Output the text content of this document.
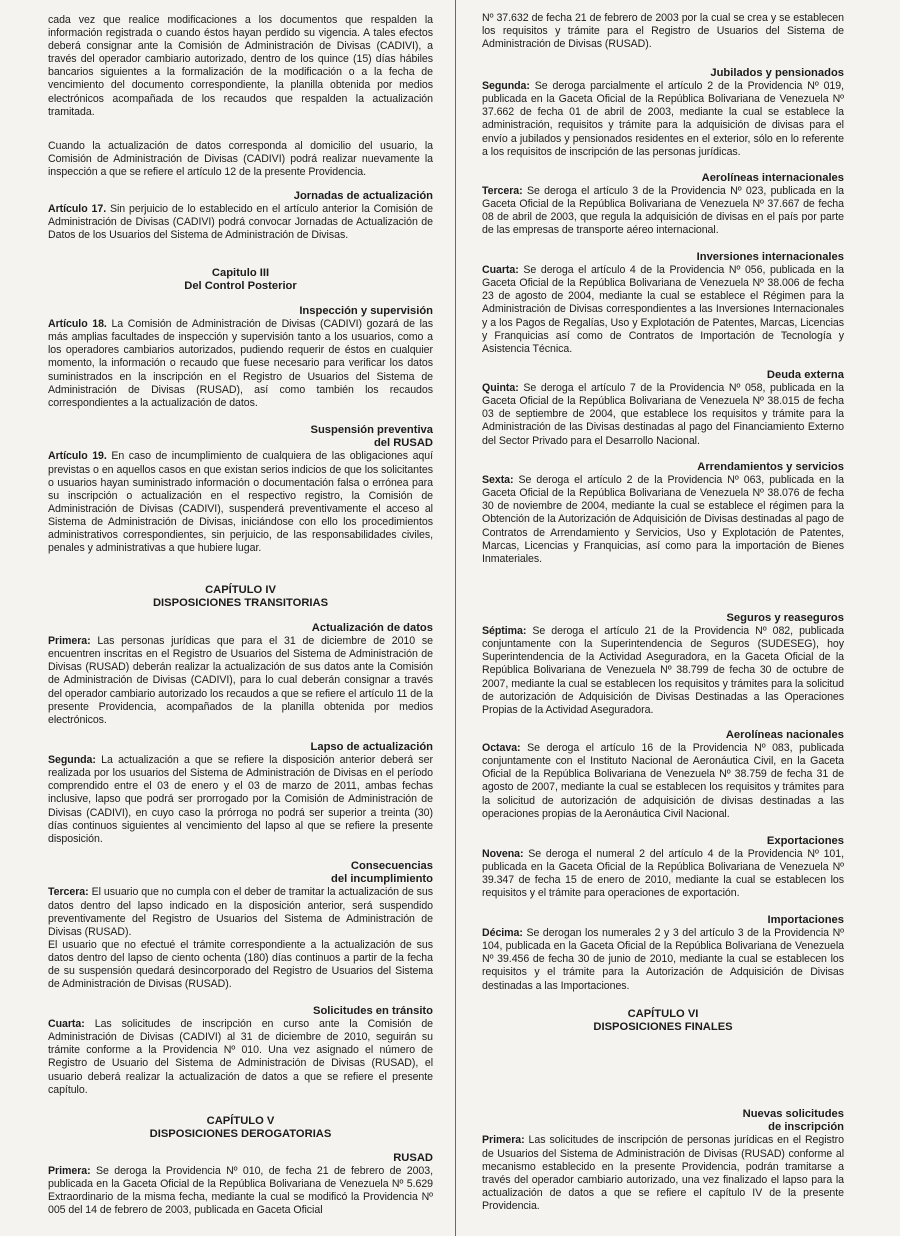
cada vez que realice modificaciones a los documentos que respalden la información registrada o cuando éstos hayan perdido su vigencia. A tales efectos deberá consignar ante la Comisión de Administración de Divisas (CADIVI), a través del operador cambiario autorizado, dentro de los quince (15) días hábiles bancarios siguientes a la formalización de la modificación o a la fecha de vencimiento del documento correspondiente, la planilla obtenida por medios electrónicos acompañada de los recaudos que respalden la actualización tramitada.

Cuando la actualización de datos corresponda al domicilio del usuario, la Comisión de Administración de Divisas (CADIVI) podrá realizar nuevamente la inspección a que se refiere el artículo 12 de la presente Providencia.

Jornadas de actualización

Artículo 17. Sin perjuicio de lo establecido en el artículo anterior la Comisión de Administración de Divisas (CADIVI) podrá convocar Jornadas de Actualización de Datos de los Usuarios del Sistema de Administración de Divisas.

Capitulo III
Del Control Posterior
Inspección y supervisión

Artículo 18. La Comisión de Administración de Divisas (CADIVI) gozará de las más amplias facultades de inspección y supervisión tanto a los usuarios, como a los operadores cambiarios autorizados, pudiendo requerir de éstos en cualquier momento, la información o recaudo que fuese necesario para verificar los datos suministrados en la inscripción en el Registro de Usuarios del Sistema de Administración de Divisas (RUSAD), así como también los recaudos correspondientes a la actualización de datos.

Suspensión preventiva
del RUSAD

Artículo 19. En caso de incumplimiento de cualquiera de las obligaciones aquí previstas o en aquellos casos en que existan serios indicios de que los solicitantes o usuarios hayan suministrado información o documentación falsa o errónea para su inscripción o actualización en el respectivo registro, la Comisión de Administración de Divisas (CADIVI), suspenderá preventivamente el acceso al Sistema de Administración de Divisas, iniciándose con ello los procedimientos administrativos correspondientes, sin perjuicio, de las responsabilidades civiles, penales y administrativas a que hubiere lugar.

CAPÍTULO IV
DISPOSICIONES TRANSITORIAS
Actualización de datos

Primera: Las personas jurídicas que para el 31 de diciembre de 2010 se encuentren inscritas en el Registro de Usuarios del Sistema de Administración de Divisas (RUSAD) deberán realizar la actualización de sus datos ante la Comisión de Administración de Divisas (CADIVI), para lo cual deberán consignar a través del operador cambiario autorizado los recaudos a que se refiere el artículo 11 de la presente Providencia, acompañados de la planilla obtenida por medios electrónicos.

Lapso de actualización

Segunda: La actualización a que se refiere la disposición anterior deberá ser realizada por los usuarios del Sistema de Administración de Divisas en el período comprendido entre el 03 de enero y el 03 de marzo de 2011, ambas fechas inclusive, lapso que podrá ser prorrogado por la Comisión de Administración de Divisas (CADIVI), en cuyo caso la prórroga no podrá ser superior a treinta (30) días continuos siguientes al vencimiento del lapso al que se refiere la presente disposición.

Consecuencias
del incumplimiento

Tercera: El usuario que no cumpla con el deber de tramitar la actualización de sus datos dentro del lapso indicado en la disposición anterior, será suspendido preventivamente del Registro de Usuarios del Sistema de Administración de Divisas (RUSAD).

El usuario que no efectué el trámite correspondiente a la actualización de sus datos dentro del lapso de ciento ochenta (180) días continuos a partir de la fecha de su suspensión quedará desincorporado del Registro de Usuarios del Sistema de Administración de Divisas (RUSAD).

Solicitudes en tránsito

Cuarta: Las solicitudes de inscripción en curso ante la Comisión de Administración de Divisas (CADIVI) al 31 de diciembre de 2010, seguirán su trámite conforme a la Providencia Nº 010. Una vez asignado el número de Registro de Usuario del Sistema de Administración de Divisas (RUSAD), el usuario deberá realizar la actualización de datos a que se refiere el presente capítulo.

CAPÍTULO V
DISPOSICIONES DEROGATORIAS
RUSAD

Primera: Se deroga la Providencia Nº 010, de fecha 21 de febrero de 2003, publicada en la Gaceta Oficial de la República Bolivariana de Venezuela Nº 5.629 Extraordinario de la misma fecha, mediante la cual se modificó la Providencia Nº 005 del 14 de febrero de 2003, publicada en Gaceta Oficial

Nº 37.632 de fecha 21 de febrero de 2003 por la cual se crea y se establecen los requisitos y trámite para el Registro de Usuarios del Sistema de Administración de Divisas (RUSAD).

Jubilados y pensionados

Segunda: Se deroga parcialmente el artículo 2 de la Providencia Nº 019, publicada en la Gaceta Oficial de la República Bolivariana de Venezuela Nº 37.662 de fecha 01 de abril de 2003, mediante la cual se establece la administración, requisitos y trámite para la adquisición de divisas para el envío a jubilados y pensionados residentes en el exterior, sólo en lo referente a los requisitos de inscripción de las personas jurídicas.

Aerolíneas internacionales

Tercera: Se deroga el artículo 3 de la Providencia Nº 023, publicada en la Gaceta Oficial de la República Bolivariana de Venezuela Nº 37.667 de fecha 08 de abril de 2003, que regula la adquisición de divisas en el país por parte de las empresas de transporte aéreo internacional.

Inversiones internacionales

Cuarta: Se deroga el artículo 4 de la Providencia Nº 056, publicada en la Gaceta Oficial de la República Bolivariana de Venezuela Nº 38.006 de fecha 23 de agosto de 2004, mediante la cual se establece el Régimen para la Administración de Divisas correspondientes a las Inversiones Internacionales y a los Pagos de Regalías, Uso y Explotación de Patentes, Marcas, Licencias y Franquicias así como de Contratos de Importación de Tecnología y Asistencia Técnica.

Deuda externa

Quinta: Se deroga el artículo 7 de la Providencia Nº 058, publicada en la Gaceta Oficial de la República Bolivariana de Venezuela Nº 38.015 de fecha 03 de septiembre de 2004, que establece los requisitos y trámite para la Administración de las Divisas destinadas al pago del Financiamiento Externo del Sector Privado para el Desarrollo Nacional.

Arrendamientos y servicios

Sexta: Se deroga el artículo 2 de la Providencia Nº 063, publicada en la Gaceta Oficial de la República Bolivariana de Venezuela Nº 38.076 de fecha 30 de noviembre de 2004, mediante la cual se establece el régimen para la Obtención de la Autorización de Adquisición de Divisas destinadas al pago de Contratos de Arrendamiento y Servicios, Uso y Explotación de Patentes, Marcas, Licencias y Franquicias, así como para la importación de Bienes Inmateriales.

Seguros y reaseguros

Séptima: Se deroga el artículo 21 de la Providencia Nº 082, publicada conjuntamente con la Superintendencia de Seguros (SUDESEG), hoy Superintendencia de la Actividad Aseguradora, en la Gaceta Oficial de la República Bolivariana de Venezuela Nº 38.799 de fecha 30 de octubre de 2007, mediante la cual se establecen los requisitos y trámites para la solicitud de autorización de Adquisición de Divisas Destinadas a las Operaciones Propias de la Actividad Aseguradora.

Aerolíneas nacionales

Octava: Se deroga el artículo 16 de la Providencia Nº 083, publicada conjuntamente con el Instituto Nacional de Aeronáutica Civil, en la Gaceta Oficial de la República Bolivariana de Venezuela Nº 38.759 de fecha 31 de agosto de 2007, mediante la cual se establecen los requisitos y trámites para la solicitud de autorización de adquisición de divisas destinadas a las operaciones propias de la Aeronáutica Civil Nacional.

Exportaciones

Novena: Se deroga el numeral 2 del artículo 4 de la Providencia Nº 101, publicada en la Gaceta Oficial de la República Bolivariana de Venezuela Nº 39.347 de fecha 15 de enero de 2010, mediante la cual se establecen los requisitos y el trámite para operaciones de exportación.

Importaciones

Décima: Se derogan los numerales 2 y 3 del artículo 3 de la Providencia Nº 104, publicada en la Gaceta Oficial de la República Bolivariana de Venezuela Nº 39.456 de fecha 30 de junio de 2010, mediante la cual se establecen los requisitos y el trámite para la Autorización de Adquisición de Divisas destinadas a las Importaciones.

CAPÍTULO VI
DISPOSICIONES FINALES
Nuevas solicitudes
de inscripción

Primera: Las solicitudes de inscripción de personas jurídicas en el Registro de Usuarios del Sistema de Administración de Divisas (RUSAD) conforme al mecanismo establecido en la presente Providencia, podrán tramitarse a través del operador cambiario autorizado, una vez finalizado el lapso para la actualización de datos a que se refiere el capítulo IV de la presente Providencia.
